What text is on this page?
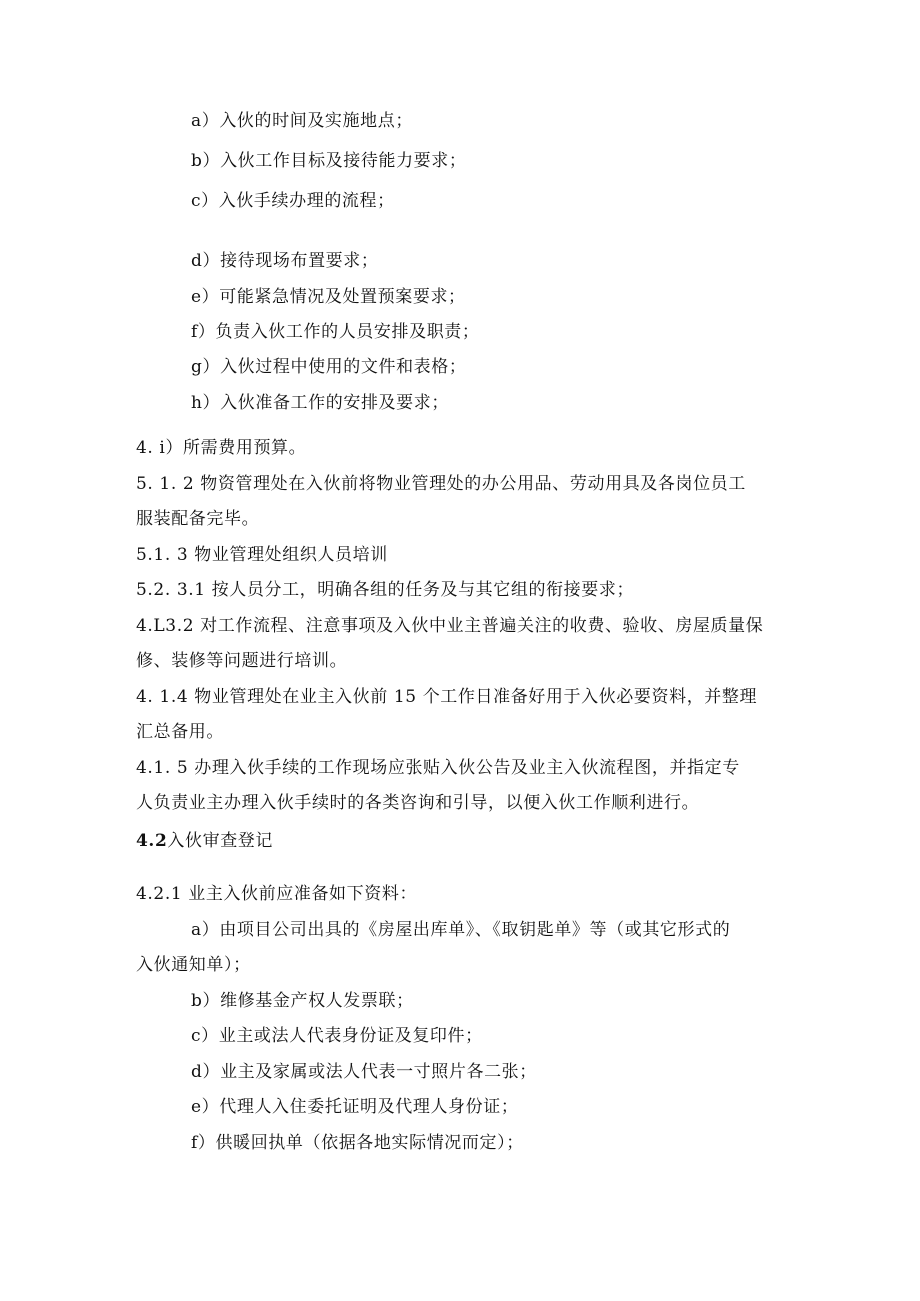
a）入伙的时间及实施地点；
b）入伙工作目标及接待能力要求；
c）入伙手续办理的流程；
d）接待现场布置要求；
e）可能紧急情况及处置预案要求；
f）负责入伙工作的人员安排及职责；
g）入伙过程中使用的文件和表格；
h）入伙准备工作的安排及要求；
4. i）所需费用预算。
5. 1. 2 物资管理处在入伙前将物业管理处的办公用品、劳动用具及各岗位员工
服装配备完毕。
5.1. 3 物业管理处组织人员培训
5.2. 3.1 按人员分工，明确各组的任务及与其它组的衔接要求；
4.L3.2 对工作流程、注意事项及入伙中业主普遍关注的收费、验收、房屋质量保
修、装修等问题进行培训。
4. 1.4 物业管理处在业主入伙前 15 个工作日准备好用于入伙必要资料，并整理
汇总备用。
4.1. 5 办理入伙手续的工作现场应张贴入伙公告及业主入伙流程图，并指定专
人负责业主办理入伙手续时的各类咨询和引导，以便入伙工作顺利进行。
4.2入伙审查登记
4.2.1 业主入伙前应准备如下资料：
a）由项目公司出具的《房屋出库单》、《取钥匙单》等（或其它形式的
入伙通知单）；
b）维修基金产权人发票联；
c）业主或法人代表身份证及复印件；
d）业主及家属或法人代表一寸照片各二张；
e）代理人入住委托证明及代理人身份证；
f）供暖回执单（依据各地实际情况而定）；
